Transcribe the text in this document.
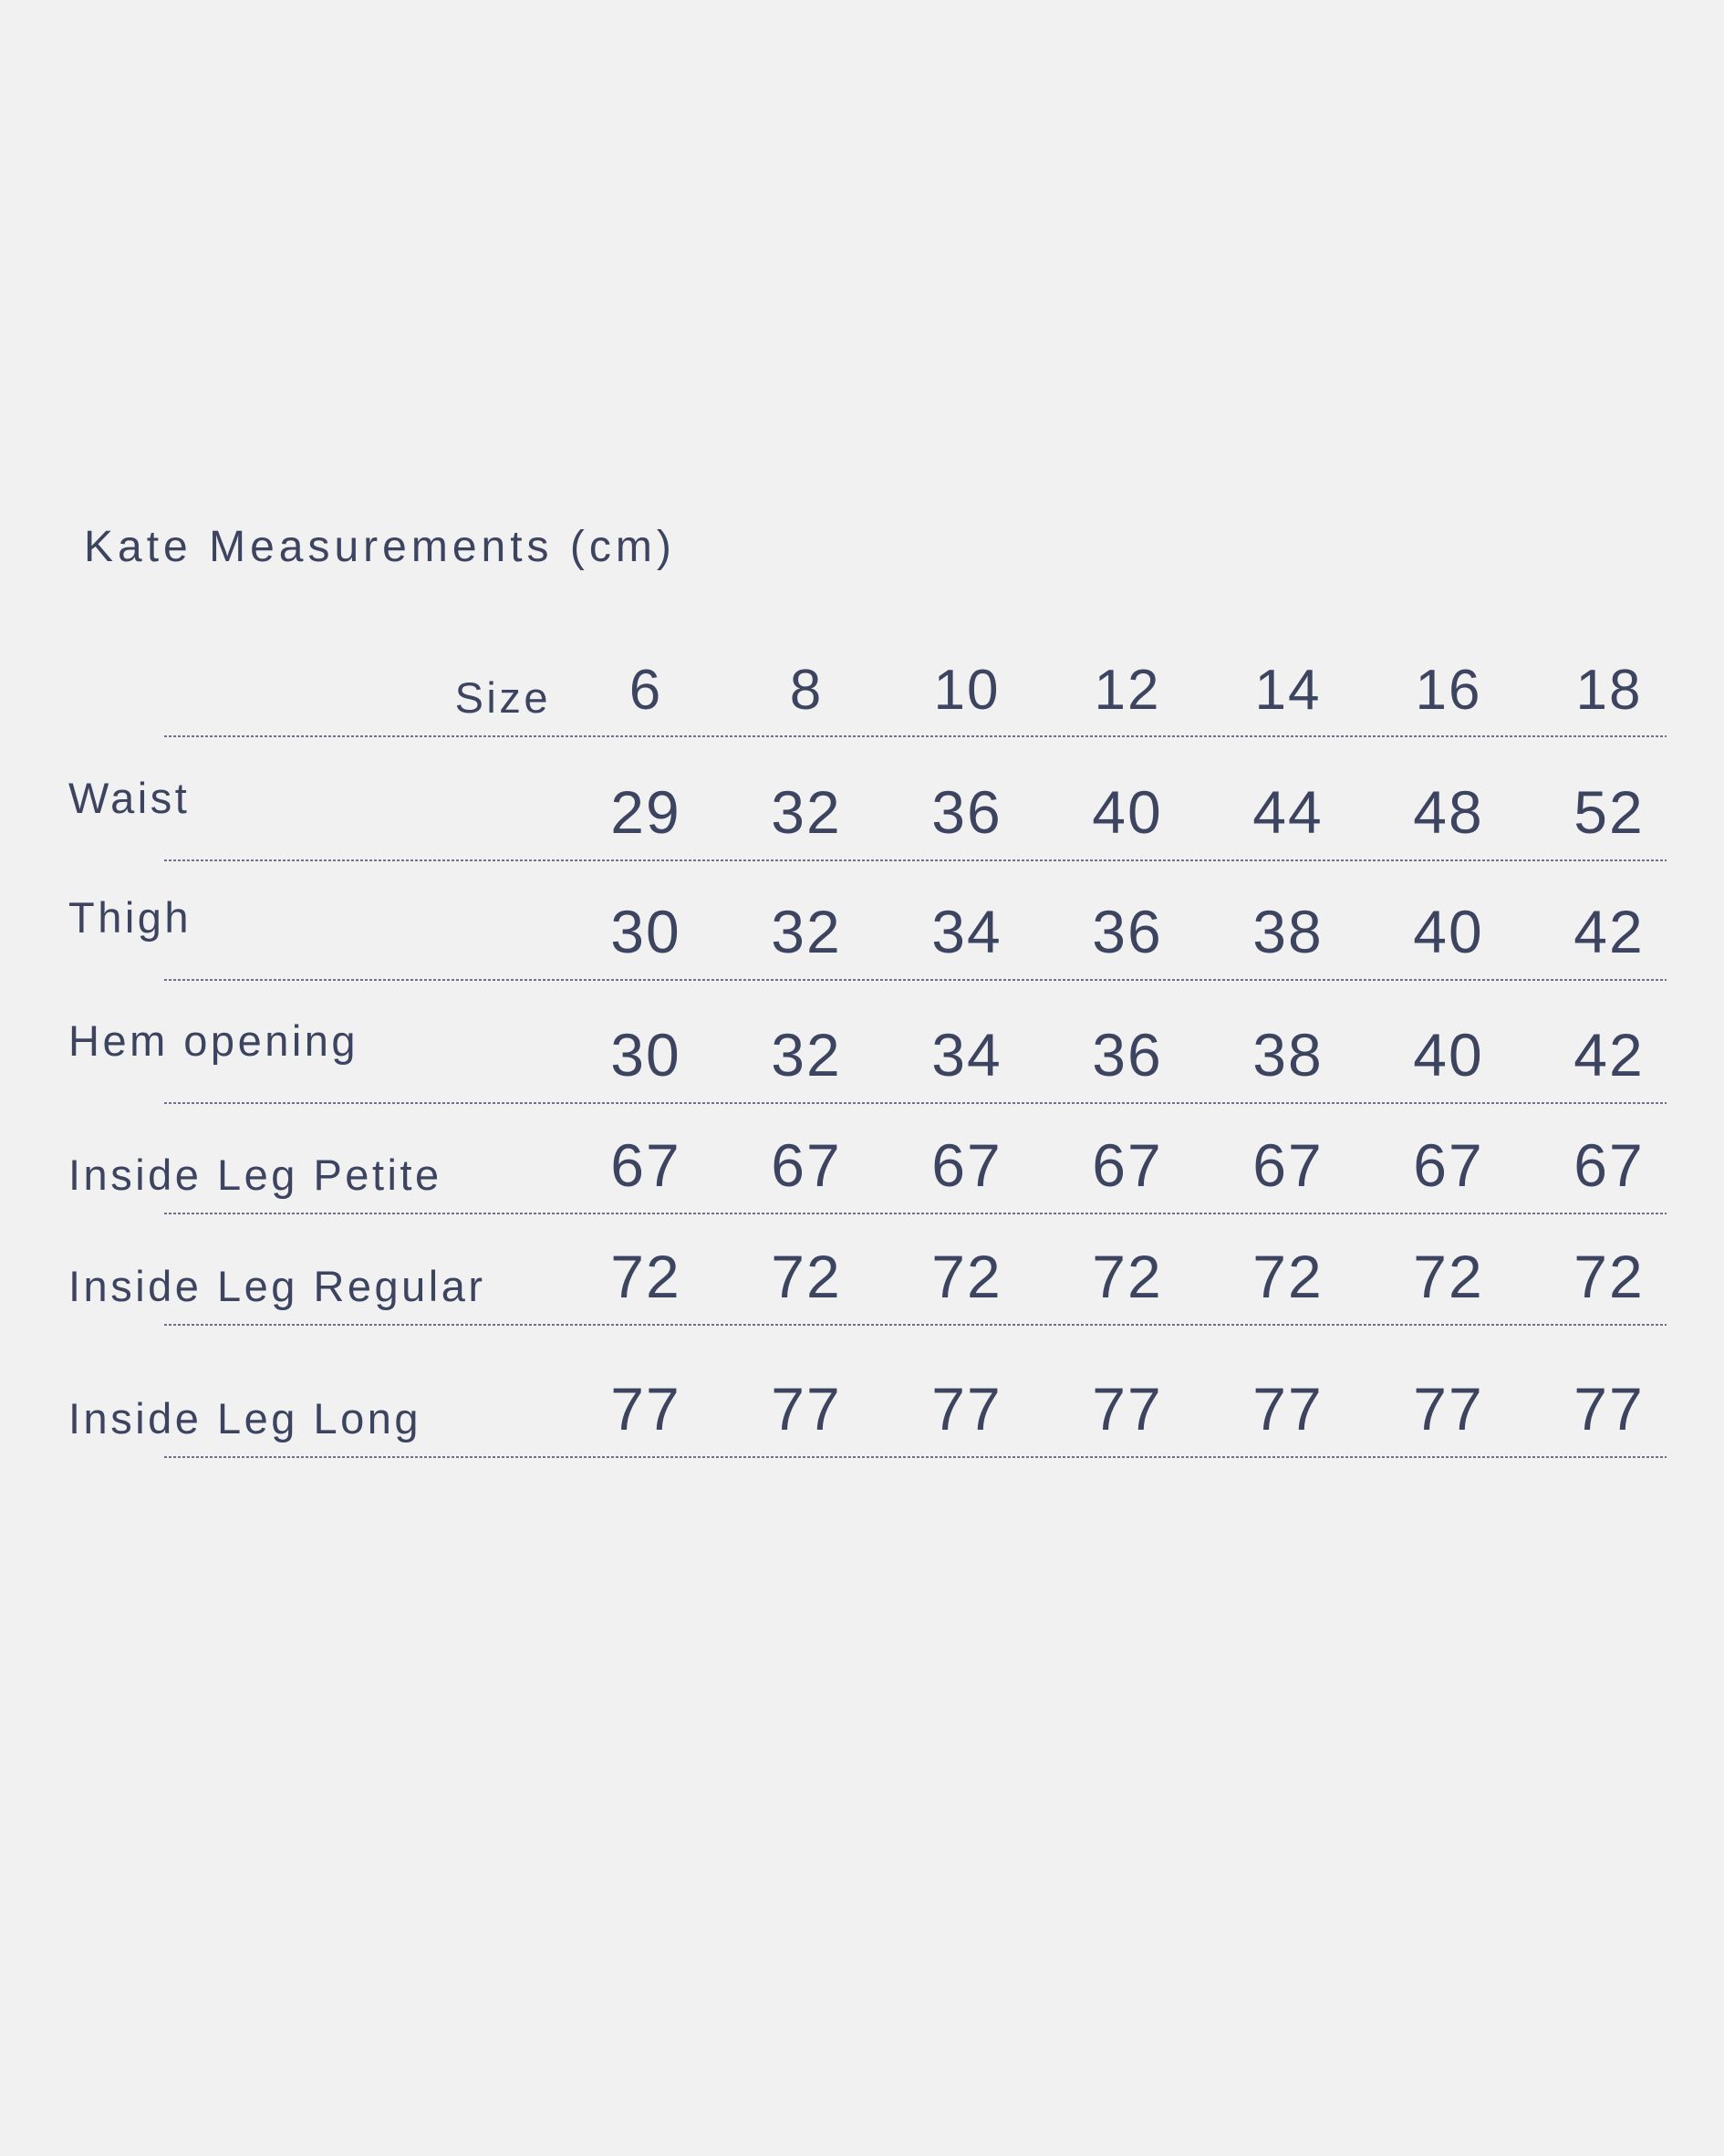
Kate Measurements (cm)
Size	6	8	10	12	14	16	18
Waist	29	32	36	40	44	48	52
Thigh	30	32	34	36	38	40	42
Hem opening	30	32	34	36	38	40	42
Inside Leg Petite	67	67	67	67	67	67	67
Inside Leg Regular	72	72	72	72	72	72	72
Inside Leg Long	77	77	77	77	77	77	77
